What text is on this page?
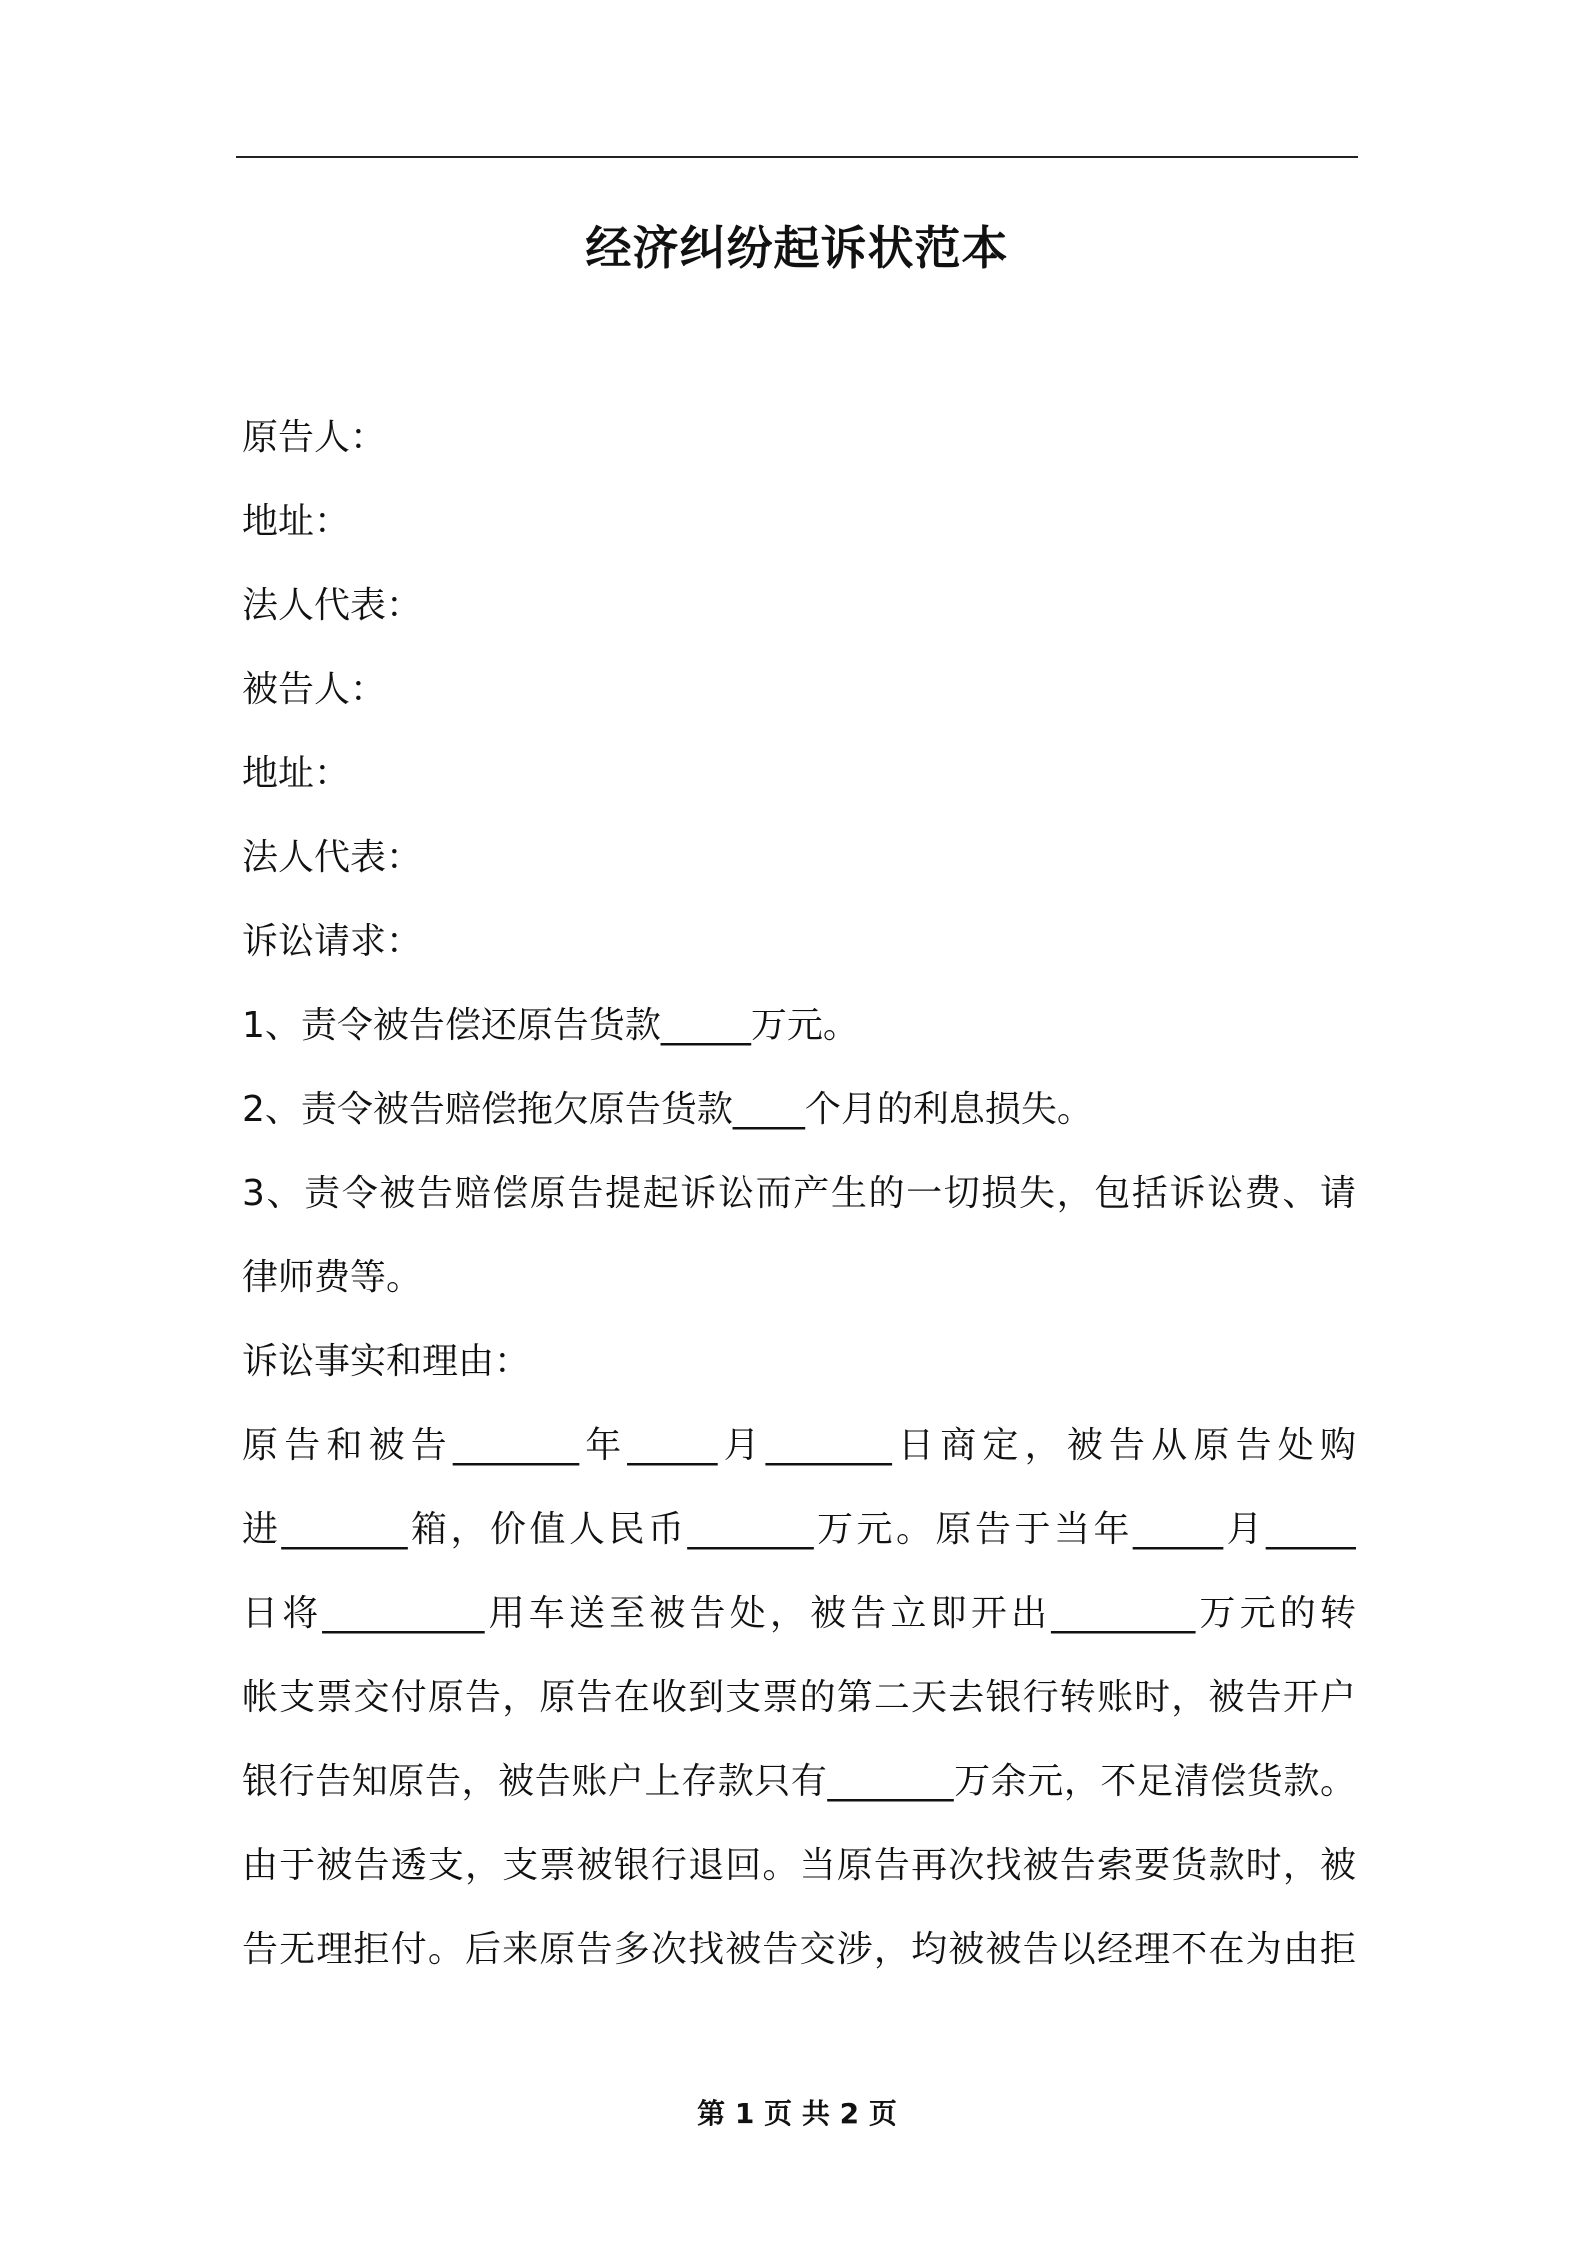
经济纠纷起诉状范本
原告人：
地址：
法人代表：
被告人：
地址：
法人代表：
诉讼请求：
1、责令被告偿还原告货款_____万元。
2、责令被告赔偿拖欠原告货款____个月的利息损失。
3、责令被告赔偿原告提起诉讼而产生的一切损失，包括诉讼费、请
律师费等。
诉讼事实和理由：
原告和被告_______年_____月_______日商定，被告从原告处购
进_______箱，价值人民币_______万元。原告于当年_____月_____
日将_________用车送至被告处，被告立即开出________万元的转
帐支票交付原告，原告在收到支票的第二天去银行转账时，被告开户
银行告知原告，被告账户上存款只有_______万余元，不足清偿货款。
由于被告透支，支票被银行退回。当原告再次找被告索要货款时，被
告无理拒付。后来原告多次找被告交涉，均被被告以经理不在为由拒
第 1 页 共 2 页
